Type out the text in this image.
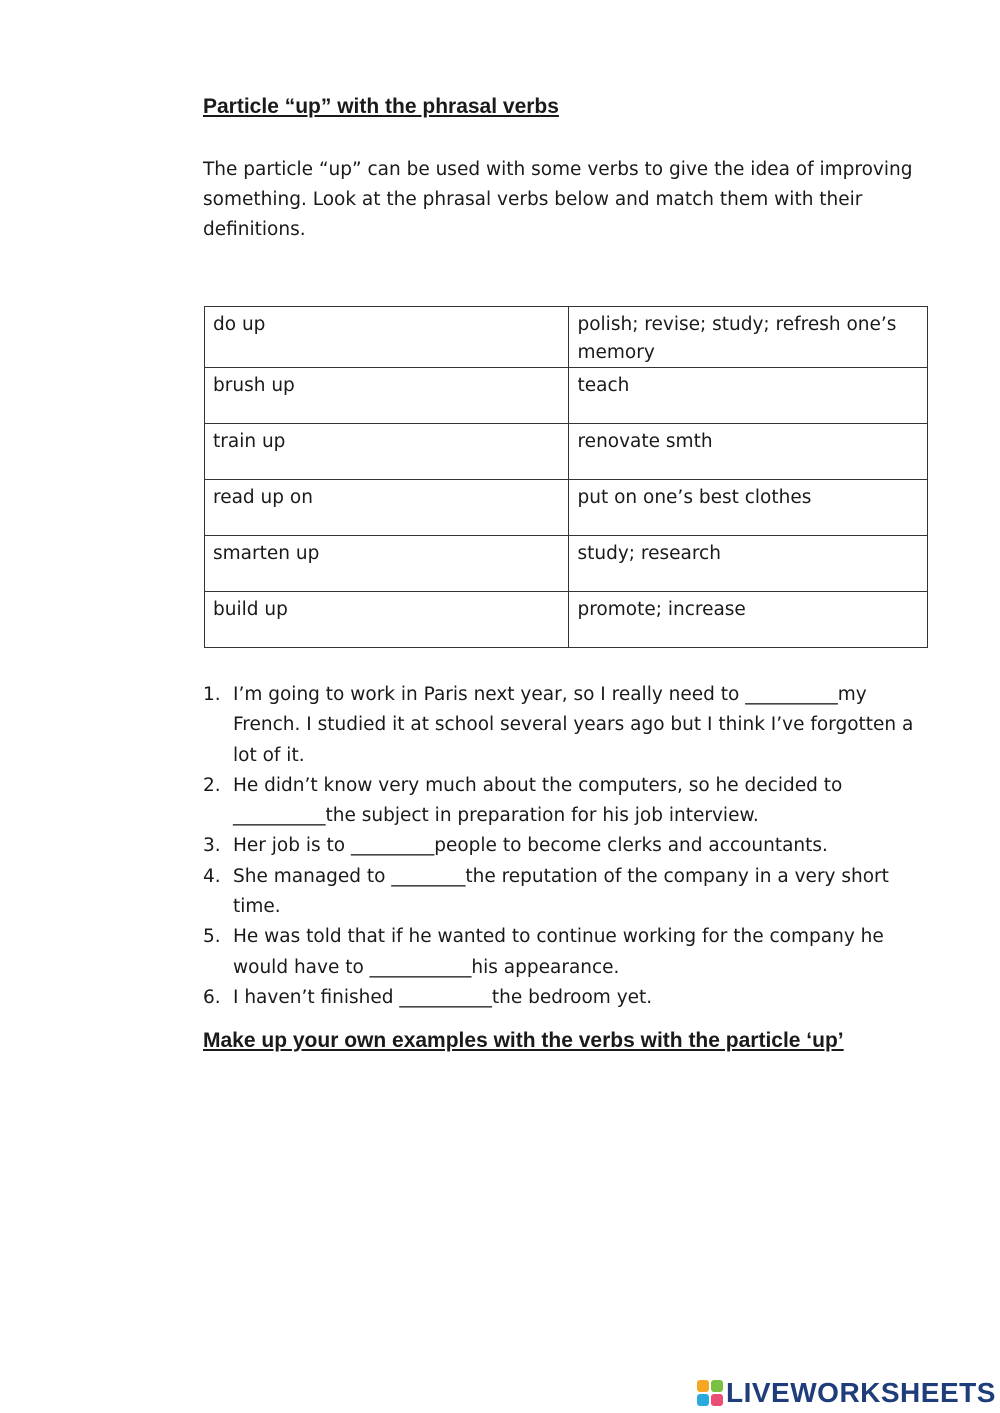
Particle “up” with the phrasal verbs

The particle “up” can be used with some verbs to give the idea of improving something. Look at the phrasal verbs below and match them with their definitions.

do up	polish; revise; study; refresh one’s memory
brush up	teach
train up	renovate smth
read up on	put on one’s best clothes
smarten up	study; research
build up	promote; increase
1. I’m going to work in Paris next year, so I really need to __________my French. I studied it at school several years ago but I think I’ve forgotten a lot of it.
2. He didn’t know very much about the computers, so he decided to __________the subject in preparation for his job interview.
3. Her job is to _________people to become clerks and accountants.
4. She managed to ________the reputation of the company in a very short time.
5. He was told that if he wanted to continue working for the company he would have to ___________his appearance.
6. I haven’t finished __________the bedroom yet.
Make up your own examples with the verbs with the particle ‘up’
LIVEWORKSHEETS
